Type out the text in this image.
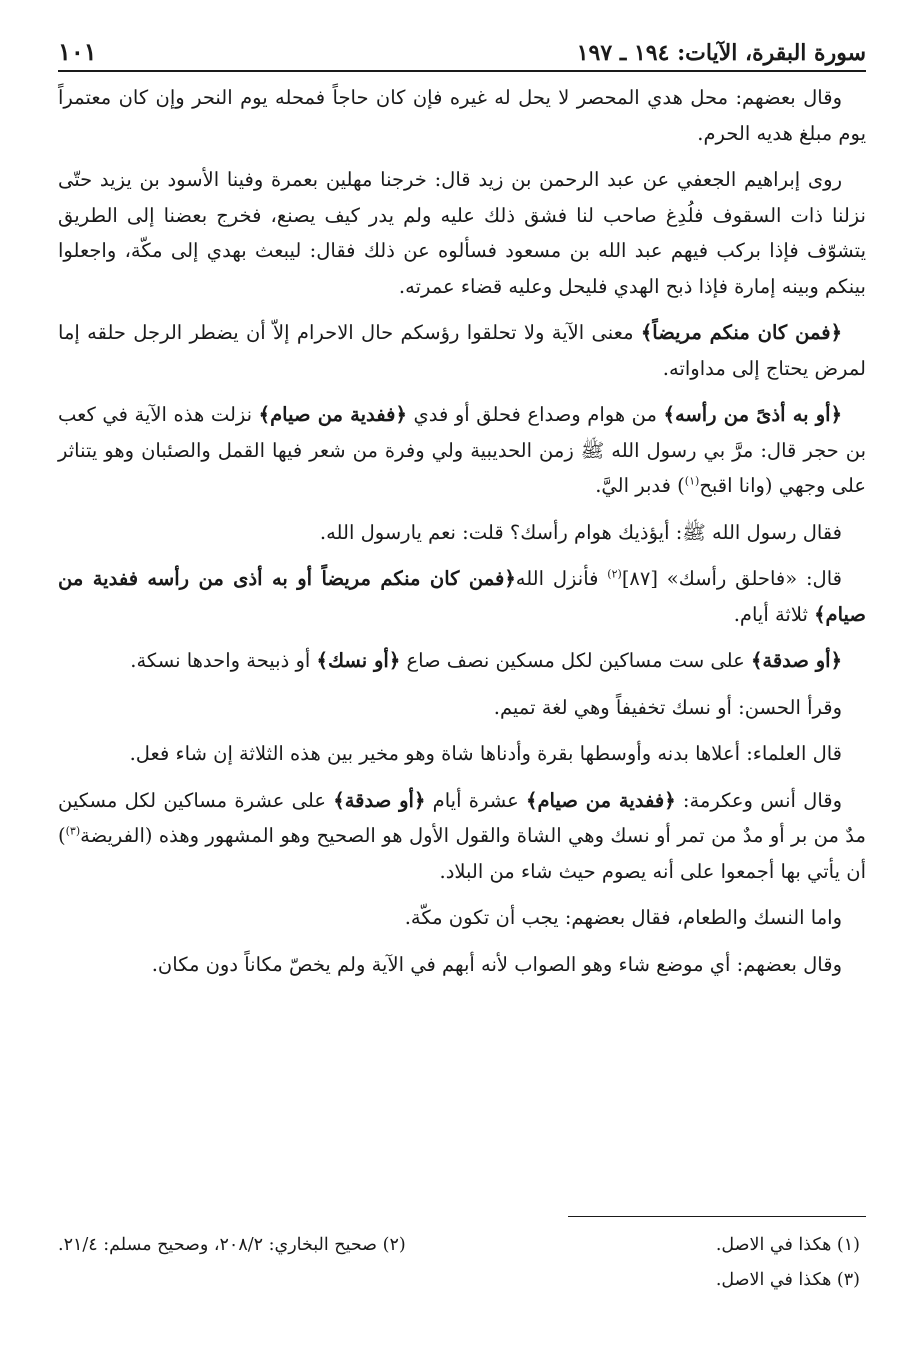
سورة البقرة، الآيات: ١٩٤ ـ ١٩٧
١٠١

وقال بعضهم: محل هدي المحصر لا يحل له غيره فإن كان حاجاً فمحله يوم النحر وإن كان معتمراً يوم مبلغ هديه الحرم.

روى إبراهيم الجعفي عن عبد الرحمن بن زيد قال: خرجنا مهلين بعمرة وفينا الأسود بن يزيد حتّى نزلنا ذات السقوف فلُدِغ صاحب لنا فشق ذلك عليه ولم يدر كيف يصنع، فخرج بعضنا إلى الطريق يتشوّف فإذا بركب فيهم عبد الله بن مسعود فسألوه عن ذلك فقال: ليبعث بهدي إلى مكّة، واجعلوا بينكم وبينه إمارة فإذا ذبح الهدي فليحل وعليه قضاء عمرته.

﴿فمن كان منكم مريضاً﴾ معنى الآية ولا تحلقوا رؤسكم حال الاحرام إلاّ أن يضطر الرجل حلقه إما لمرض يحتاج إلى مداواته.

﴿أو به أذىً من رأسه﴾ من هوام وصداع فحلق أو فدي ﴿ففدية من صيام﴾ نزلت هذه الآية في كعب بن حجر قال: مرَّ بي رسول الله ﷺ زمن الحديبية ولي وفرة من شعر فيها القمل والصئبان وهو يتناثر على وجهي (وانا اقبح$^{(١)}$) فدبر اليَّ.

فقال رسول الله ﷺ: أيؤذيك هوام رأسك؟ قلت: نعم يارسول الله.

قال: «فاحلق رأسك» [٨٧]$^{(٢)}$ فأنزل الله﴿فمن كان منكم مريضاً أو به أذى من رأسه ففدية من صيام﴾ ثلاثة أيام.

﴿أو صدقة﴾ على ست مساكين لكل مسكين نصف صاع ﴿أو نسك﴾ أو ذبيحة واحدها نسكة.

وقرأ الحسن: أو نسك تخفيفاً وهي لغة تميم.

قال العلماء: أعلاها بدنه وأوسطها بقرة وأدناها شاة وهو مخير بين هذه الثلاثة إن شاء فعل.

وقال أنس وعكرمة: ﴿ففدية من صيام﴾ عشرة أيام ﴿أو صدقة﴾ على عشرة مساكين لكل مسكين مدٌ من بر أو مدٌ من تمر أو نسك وهي الشاة والقول الأول هو الصحيح وهو المشهور وهذه (الفريضة$^{(٣)}$) أن يأتي بها أجمعوا على أنه يصوم حيث شاء من البلاد.

واما النسك والطعام، فقال بعضهم: يجب أن تكون مكّة.

وقال بعضهم: أي موضع شاء وهو الصواب لأنه أبهم في الآية ولم يخصّ مكاناً دون مكان.

(١) هكذا في الاصل.
(٢) صحيح البخاري: ٢٠٨/٢، وصحيح مسلم: ٢١/٤.
(٣) هكذا في الاصل.
